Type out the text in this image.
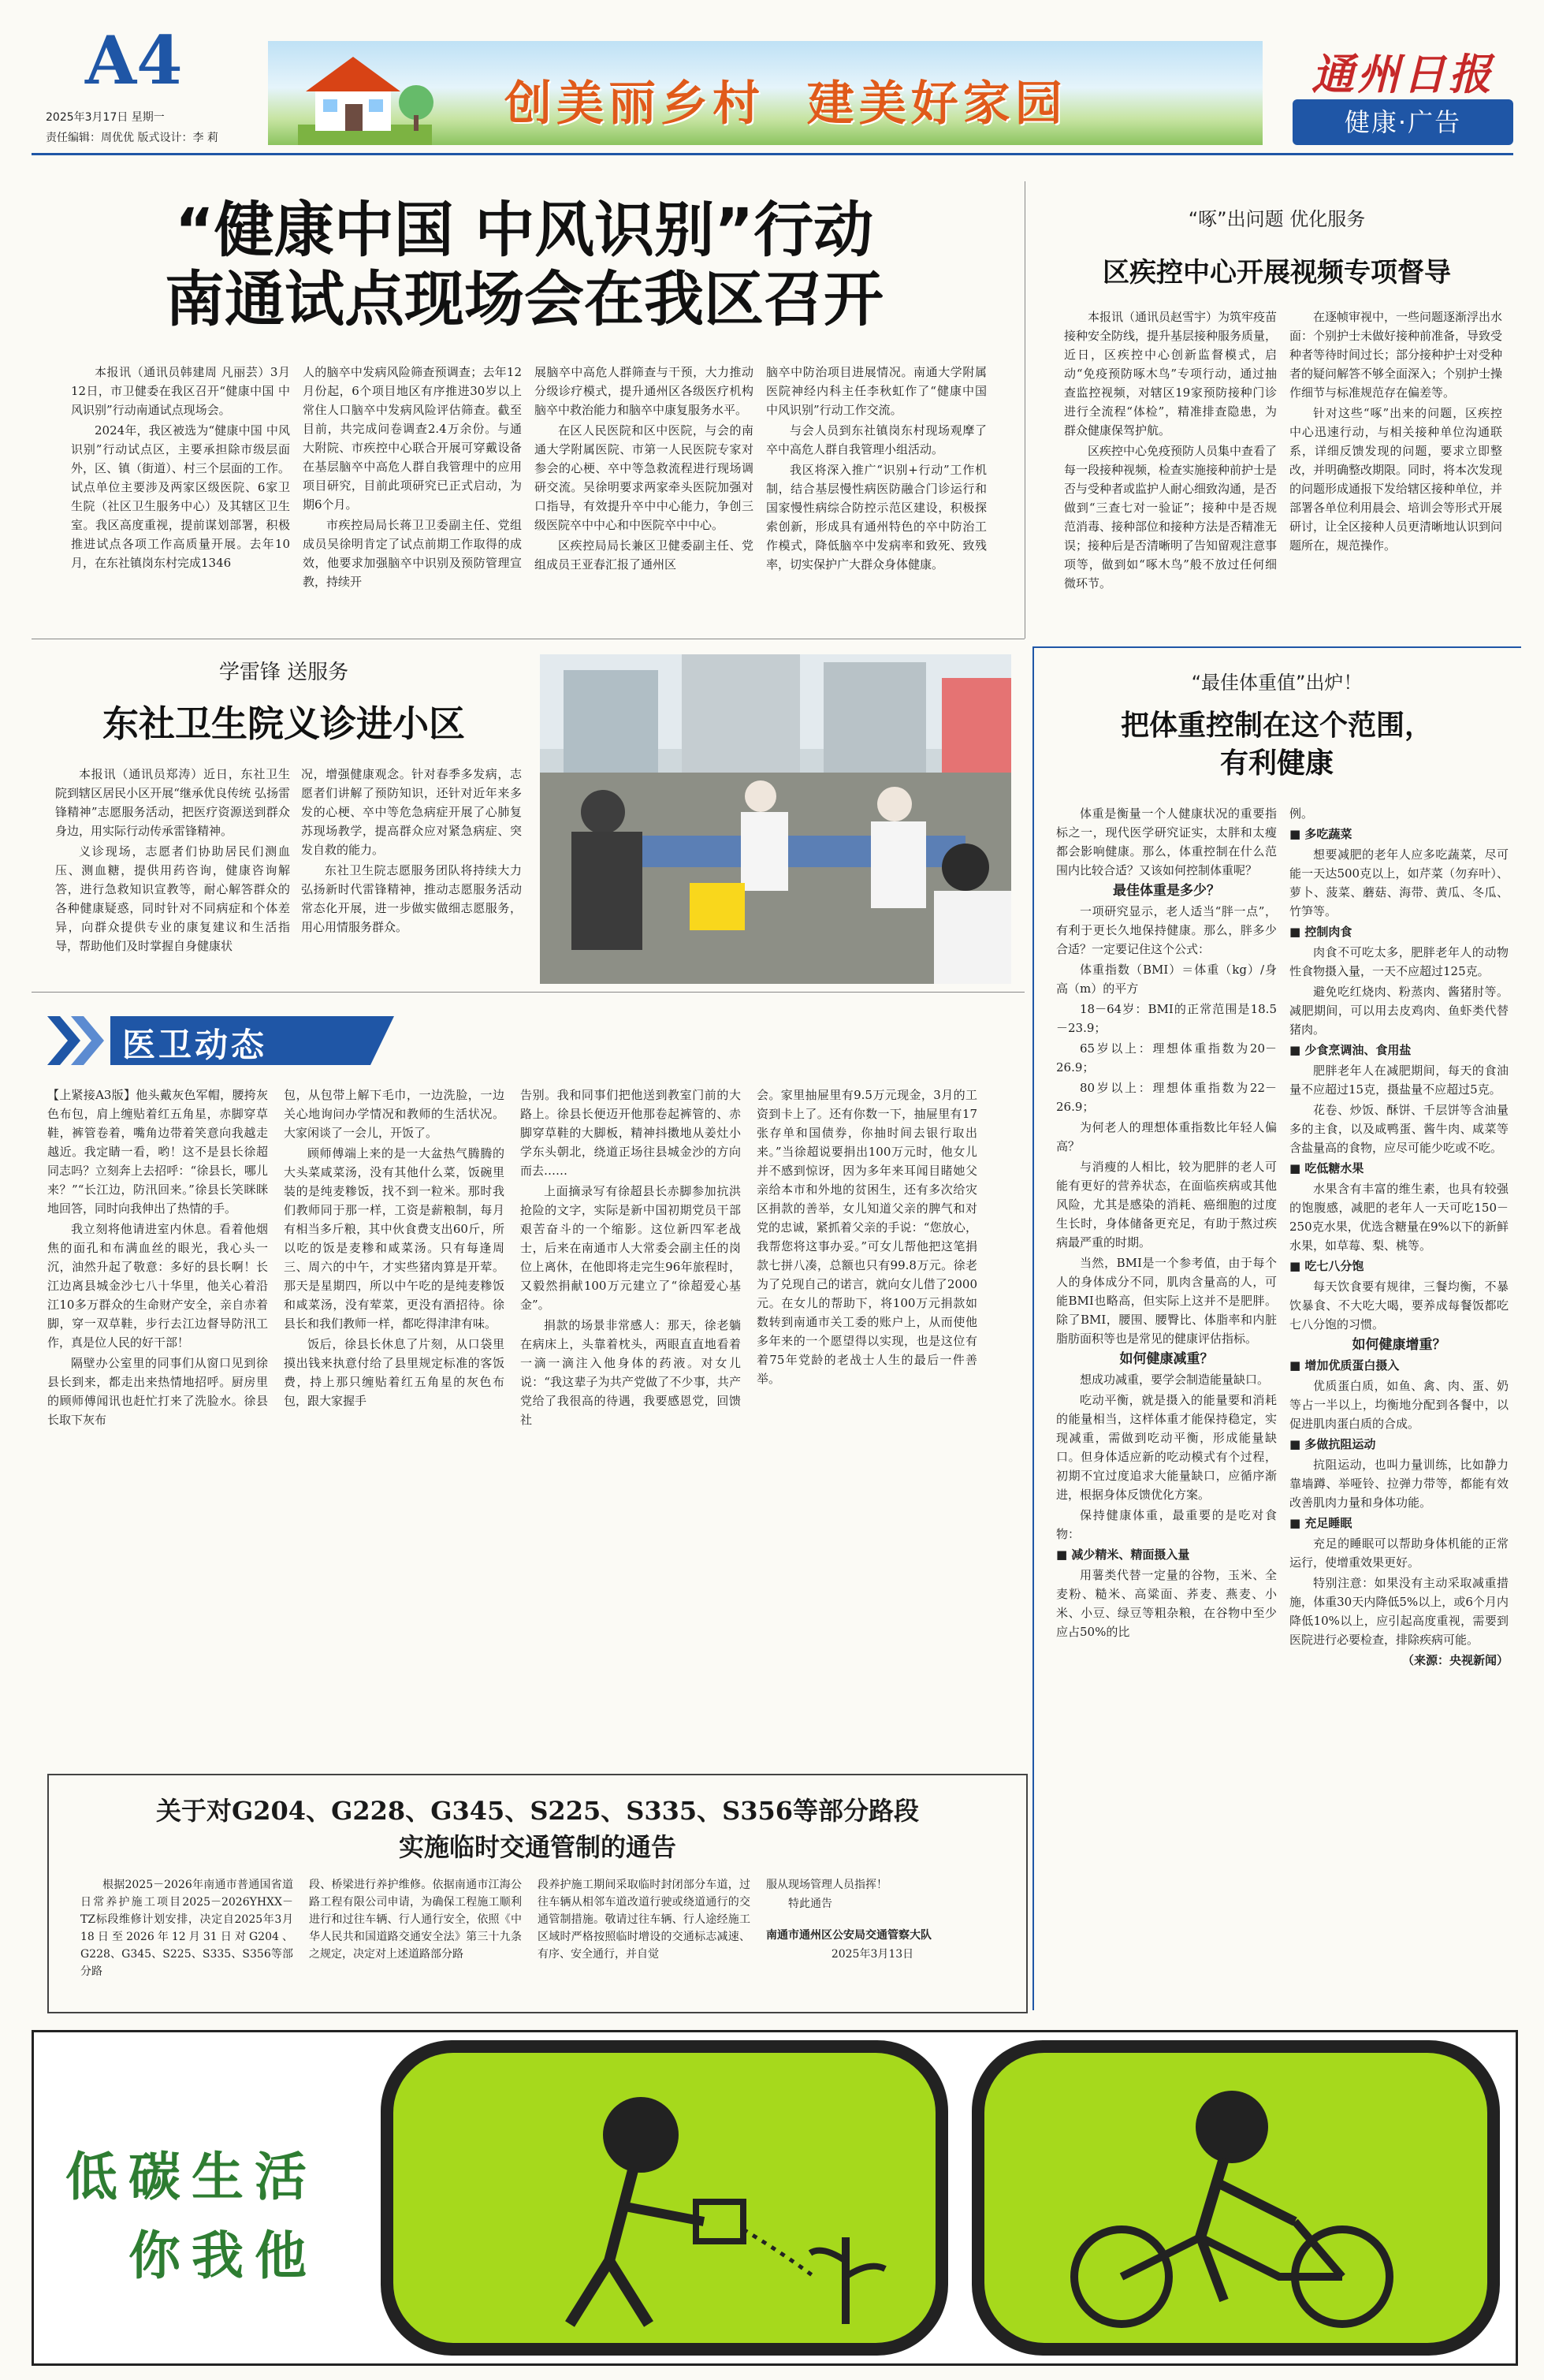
A4
2025年3月17日 星期一
责任编辑：周优优 版式设计：李 莉
创美丽乡村  建美好家园
通州日报
健康·广告
“健康中国 中风识别”行动
南通试点现场会在我区召开

本报讯（通讯员韩建周 凡丽芸）3月12日，市卫健委在我区召开“健康中国 中风识别”行动南通试点现场会。

2024年，我区被选为“健康中国 中风识别”行动试点区，主要承担除市级层面外，区、镇（街道）、村三个层面的工作。试点单位主要涉及两家区级医院、6家卫生院（社区卫生服务中心）及其辖区卫生室。我区高度重视，提前谋划部署，积极推进试点各项工作高质量开展。去年10月，在东社镇岗东村完成1346

人的脑卒中发病风险筛查预调查；去年12月份起，6个项目地区有序推进30岁以上常住人口脑卒中发病风险评估筛查。截至目前，共完成问卷调查2.4万余份。与通大附院、市疾控中心联合开展可穿戴设备在基层脑卒中高危人群自我管理中的应用项目研究，目前此项研究已正式启动，为期6个月。

市疾控局局长蒋卫卫委副主任、党组成员吴徐明肯定了试点前期工作取得的成效，他要求加强脑卒中识别及预防管理宣教，持续开

展脑卒中高危人群筛查与干预，大力推动分级诊疗模式，提升通州区各级医疗机构脑卒中救治能力和脑卒中康复服务水平。

在区人民医院和区中医院，与会的南通大学附属医院、市第一人民医院专家对参会的心梗、卒中等急救流程进行现场调研交流。吴徐明要求两家牵头医院加强对口指导，有效提升卒中中心能力，争创三级医院卒中中心和中医院卒中中心。

区疾控局局长兼区卫健委副主任、党组成员王亚春汇报了通州区

脑卒中防治项目进展情况。南通大学附属医院神经内科主任李秋虹作了“健康中国 中风识别”行动工作交流。

与会人员到东社镇岗东村现场观摩了卒中高危人群自我管理小组活动。

我区将深入推广“识别+行动”工作机制，结合基层慢性病医防融合门诊运行和国家慢性病综合防控示范区建设，积极探索创新，形成具有通州特色的卒中防治工作模式，降低脑卒中发病率和致死、致残率，切实保护广大群众身体健康。

“啄”出问题 优化服务
区疾控中心开展视频专项督导

本报讯（通讯员赵雪宇）为筑牢疫苗接种安全防线，提升基层接种服务质量，近日，区疾控中心创新监督模式，启动“免疫预防啄木鸟”专项行动，通过抽查监控视频，对辖区19家预防接种门诊进行全流程“体检”，精准排查隐患，为群众健康保驾护航。

区疾控中心免疫预防人员集中查看了每一段接种视频，检查实施接种前护士是否与受种者或监护人耐心细致沟通，是否做到“三查七对一验证”；接种中是否规范消毒、接种部位和接种方法是否精准无误；接种后是否清晰明了告知留观注意事项等，做到如“啄木鸟”般不放过任何细微环节。

在逐帧审视中，一些问题逐渐浮出水面：个别护士未做好接种前准备，导致受种者等待时间过长；部分接种护士对受种者的疑问解答不够全面深入；个别护士操作细节与标准规范存在偏差等。

针对这些“啄”出来的问题，区疾控中心迅速行动，与相关接种单位沟通联系，详细反馈发现的问题，要求立即整改，并明确整改期限。同时，将本次发现的问题形成通报下发给辖区接种单位，并部署各单位利用晨会、培训会等形式开展研讨，让全区接种人员更清晰地认识到问题所在，规范操作。

学雷锋 送服务
东社卫生院义诊进小区

本报讯（通讯员郑涛）近日，东社卫生院到辖区居民小区开展“继承优良传统 弘扬雷锋精神”志愿服务活动，把医疗资源送到群众身边，用实际行动传承雷锋精神。

义诊现场，志愿者们协助居民们测血压、测血糖，提供用药咨询，健康咨询解答，进行急救知识宣教等，耐心解答群众的各种健康疑惑，同时针对不同病症和个体差异，向群众提供专业的康复建议和生活指导，帮助他们及时掌握自身健康状

况，增强健康观念。针对春季多发病，志愿者们讲解了预防知识，还针对近年来多发的心梗、卒中等危急病症开展了心肺复苏现场教学，提高群众应对紧急病症、突发自救的能力。

东社卫生院志愿服务团队将持续大力弘扬新时代雷锋精神，推动志愿服务活动常态化开展，进一步做实做细志愿服务，用心用情服务群众。

“最佳体重值”出炉！
把体重控制在这个范围，
有利健康

体重是衡量一个人健康状况的重要指标之一，现代医学研究证实，太胖和太瘦都会影响健康。那么，体重控制在什么范围内比较合适？又该如何控制体重呢？

最佳体重是多少？

一项研究显示，老人适当“胖一点”，有利于更长久地保持健康。那么，胖多少合适？一定要记住这个公式：

体重指数（BMI）＝体重（kg）/身高（m）的平方

18－64岁：BMI的正常范围是18.5－23.9；

65岁以上：理想体重指数为20－26.9；

80岁以上：理想体重指数为22－26.9；

为何老人的理想体重指数比年轻人偏高？

与消瘦的人相比，较为肥胖的老人可能有更好的营养状态，在面临疾病或其他风险，尤其是感染的消耗、癌细胞的过度生长时，身体储备更充足，有助于熬过疾病最严重的时期。

当然，BMI是一个参考值，由于每个人的身体成分不同，肌肉含量高的人，可能BMI也略高，但实际上这并不是肥胖。除了BMI，腰围、腰臀比、体脂率和内脏脂肪面积等也是常见的健康评估指标。

如何健康减重？

想成功减重，要学会制造能量缺口。

吃动平衡，就是摄入的能量要和消耗的能量相当，这样体重才能保持稳定，实现减重，需做到吃动平衡，形成能量缺口。但身体适应新的吃动模式有个过程，初期不宜过度追求大能量缺口，应循序渐进，根据身体反馈优化方案。

保持健康体重，最重要的是吃对食物：

■ 减少精米、精面摄入量

用薯类代替一定量的谷物，玉米、全麦粉、糙米、高粱面、荞麦、燕麦、小米、小豆、绿豆等粗杂粮，在谷物中至少应占50%的比

例。

■ 多吃蔬菜

想要减肥的老年人应多吃蔬菜，尽可能一天达500克以上，如芹菜（勿弃叶）、萝卜、菠菜、蘑菇、海带、黄瓜、冬瓜、竹笋等。

■ 控制肉食

肉食不可吃太多，肥胖老年人的动物性食物摄入量，一天不应超过125克。

避免吃红烧肉、粉蒸肉、酱猪肘等。减肥期间，可以用去皮鸡肉、鱼虾类代替猪肉。

■ 少食烹调油、食用盐

肥胖老年人在减肥期间，每天的食油量不应超过15克，摄盐量不应超过5克。

花卷、炒饭、酥饼、千层饼等含油量多的主食，以及咸鸭蛋、酱牛肉、咸菜等含盐量高的食物，应尽可能少吃或不吃。

■ 吃低糖水果

水果含有丰富的维生素，也具有较强的饱腹感，减肥的老年人一天可吃150－250克水果，优选含糖量在9%以下的新鲜水果，如草莓、梨、桃等。

■ 吃七八分饱

每天饮食要有规律，三餐均衡，不暴饮暴食、不大吃大喝，要养成每餐饭都吃七八分饱的习惯。

如何健康增重？

■ 增加优质蛋白摄入

优质蛋白质，如鱼、禽、肉、蛋、奶等占一半以上，均衡地分配到各餐中，以促进肌肉蛋白质的合成。

■ 多做抗阻运动

抗阻运动，也叫力量训练，比如静力靠墙蹲、举哑铃、拉弹力带等，都能有效改善肌肉力量和身体功能。

■ 充足睡眠

充足的睡眠可以帮助身体机能的正常运行，使增重效果更好。

特别注意：如果没有主动采取减重措施，体重30天内降低5%以上，或6个月内降低10%以上，应引起高度重视，需要到医院进行必要检查，排除疾病可能。

（来源：央视新闻）

医卫动态

【上紧接A3版】他头戴灰色军帽，腰挎灰色布包，肩上缠贴着红五角星，赤脚穿草鞋，裤管卷着，嘴角边带着笑意向我越走越近。我定睛一看，哟！这不是县长徐超同志吗？立刻奔上去招呼：“徐县长，哪儿来？”“长江边，防汛回来。”徐县长笑眯眯地回答，同时向我伸出了热情的手。

我立刻将他请进室内休息。看着他烟焦的面孔和布满血丝的眼光，我心头一沉，油然升起了敬意：多好的县长啊！长江边离县城金沙七八十华里，他关心着沿江10多万群众的生命财产安全，亲自赤着脚，穿一双草鞋，步行去江边督导防汛工作，真是位人民的好干部！

隔壁办公室里的同事们从窗口见到徐县长到来，都走出来热情地招呼。厨房里的顾师傅闻讯也赶忙打来了洗脸水。徐县长取下灰布

包，从包带上解下毛巾，一边洗脸，一边关心地询问办学情况和教师的生活状况。大家闲谈了一会儿，开饭了。

顾师傅端上来的是一大盆热气腾腾的大头菜咸菜汤，没有其他什么菜，饭碗里装的是纯麦糁饭，找不到一粒米。那时我们教师同于那一样，工资是薪粮制，每月有相当多斤粮，其中伙食费支出60斤，所以吃的饭是麦糁和咸菜汤。只有每逢周三、周六的中午，才实些猪肉算是开荤。那天是星期四，所以中午吃的是纯麦糁饭和咸菜汤，没有荤菜，更没有酒招待。徐县长和我们教师一样，都吃得津津有味。

饭后，徐县长休息了片刻，从口袋里摸出钱来执意付给了县里规定标准的客饭费，持上那只缠贴着红五角星的灰色布包，跟大家握手

告别。我和同事们把他送到教室门前的大路上。徐县长便迈开他那卷起裤管的、赤脚穿草鞋的大脚板，精神抖擞地从姜灶小学东头朝北，绕道正场往县城金沙的方向而去……

上面摘录写有徐超县长赤脚参加抗洪抢险的文字，实际是新中国初期党员干部艰苦奋斗的一个缩影。这位新四军老战士，后来在南通市人大常委会副主任的岗位上离休，在他即将走完生96年旅程时，又毅然捐献100万元建立了“徐超爱心基金”。

捐款的场景非常感人：那天，徐老躺在病床上，头靠着枕头，两眼直直地看着一滴一滴注入他身体的药液。对女儿说：“我这辈子为共产党做了不少事，共产党给了我很高的待遇，我要感恩党，回馈社

会。家里抽屉里有9.5万元现金，3月的工资到卡上了。还有你数一下，抽屉里有17张存单和国债券，你抽时间去银行取出来。”当徐超说要捐出100万元时，他女儿并不感到惊讶，因为多年来耳闻目睹她父亲给本市和外地的贫困生，还有多次给灾区捐款的善举，女儿知道父亲的脾气和对党的忠诚，紧抓着父亲的手说：“您放心，我帮您将这事办妥。”可女儿帮他把这笔捐款七拼八凑，总额也只有99.8万元。徐老为了兑现自己的诺言，就向女儿借了2000元。在女儿的帮助下，将100万元捐款如数转到南通市关工委的账户上，从而使他多年来的一个愿望得以实现，也是这位有着75年党龄的老战士人生的最后一件善举。

关于对G204、G228、G345、S225、S335、S356等部分路段
实施临时交通管制的通告

根据2025－2026年南通市普通国省道日常养护施工项目2025－2026YHXX－TZ标段维修计划安排，决定自2025年3月18日至2026年12月31日对G204、G228、G345、S225、S335、S356等部分路

段、桥梁进行养护维修。依据南通市江海公路工程有限公司申请，为确保工程施工顺利进行和过往车辆、行人通行安全，依照《中华人民共和国道路交通安全法》第三十九条之规定，决定对上述道路部分路

段养护施工期间采取临时封闭部分车道，过往车辆从相邻车道改道行驶或绕道通行的交通管制措施。敬请过往车辆、行人途经施工区域时严格按照临时增设的交通标志减速、有序、安全通行，并自觉

服从现场管理人员指挥！

特此通告

南通市通州区公安局交通管察大队

2025年3月13日

低碳生活
你我他
